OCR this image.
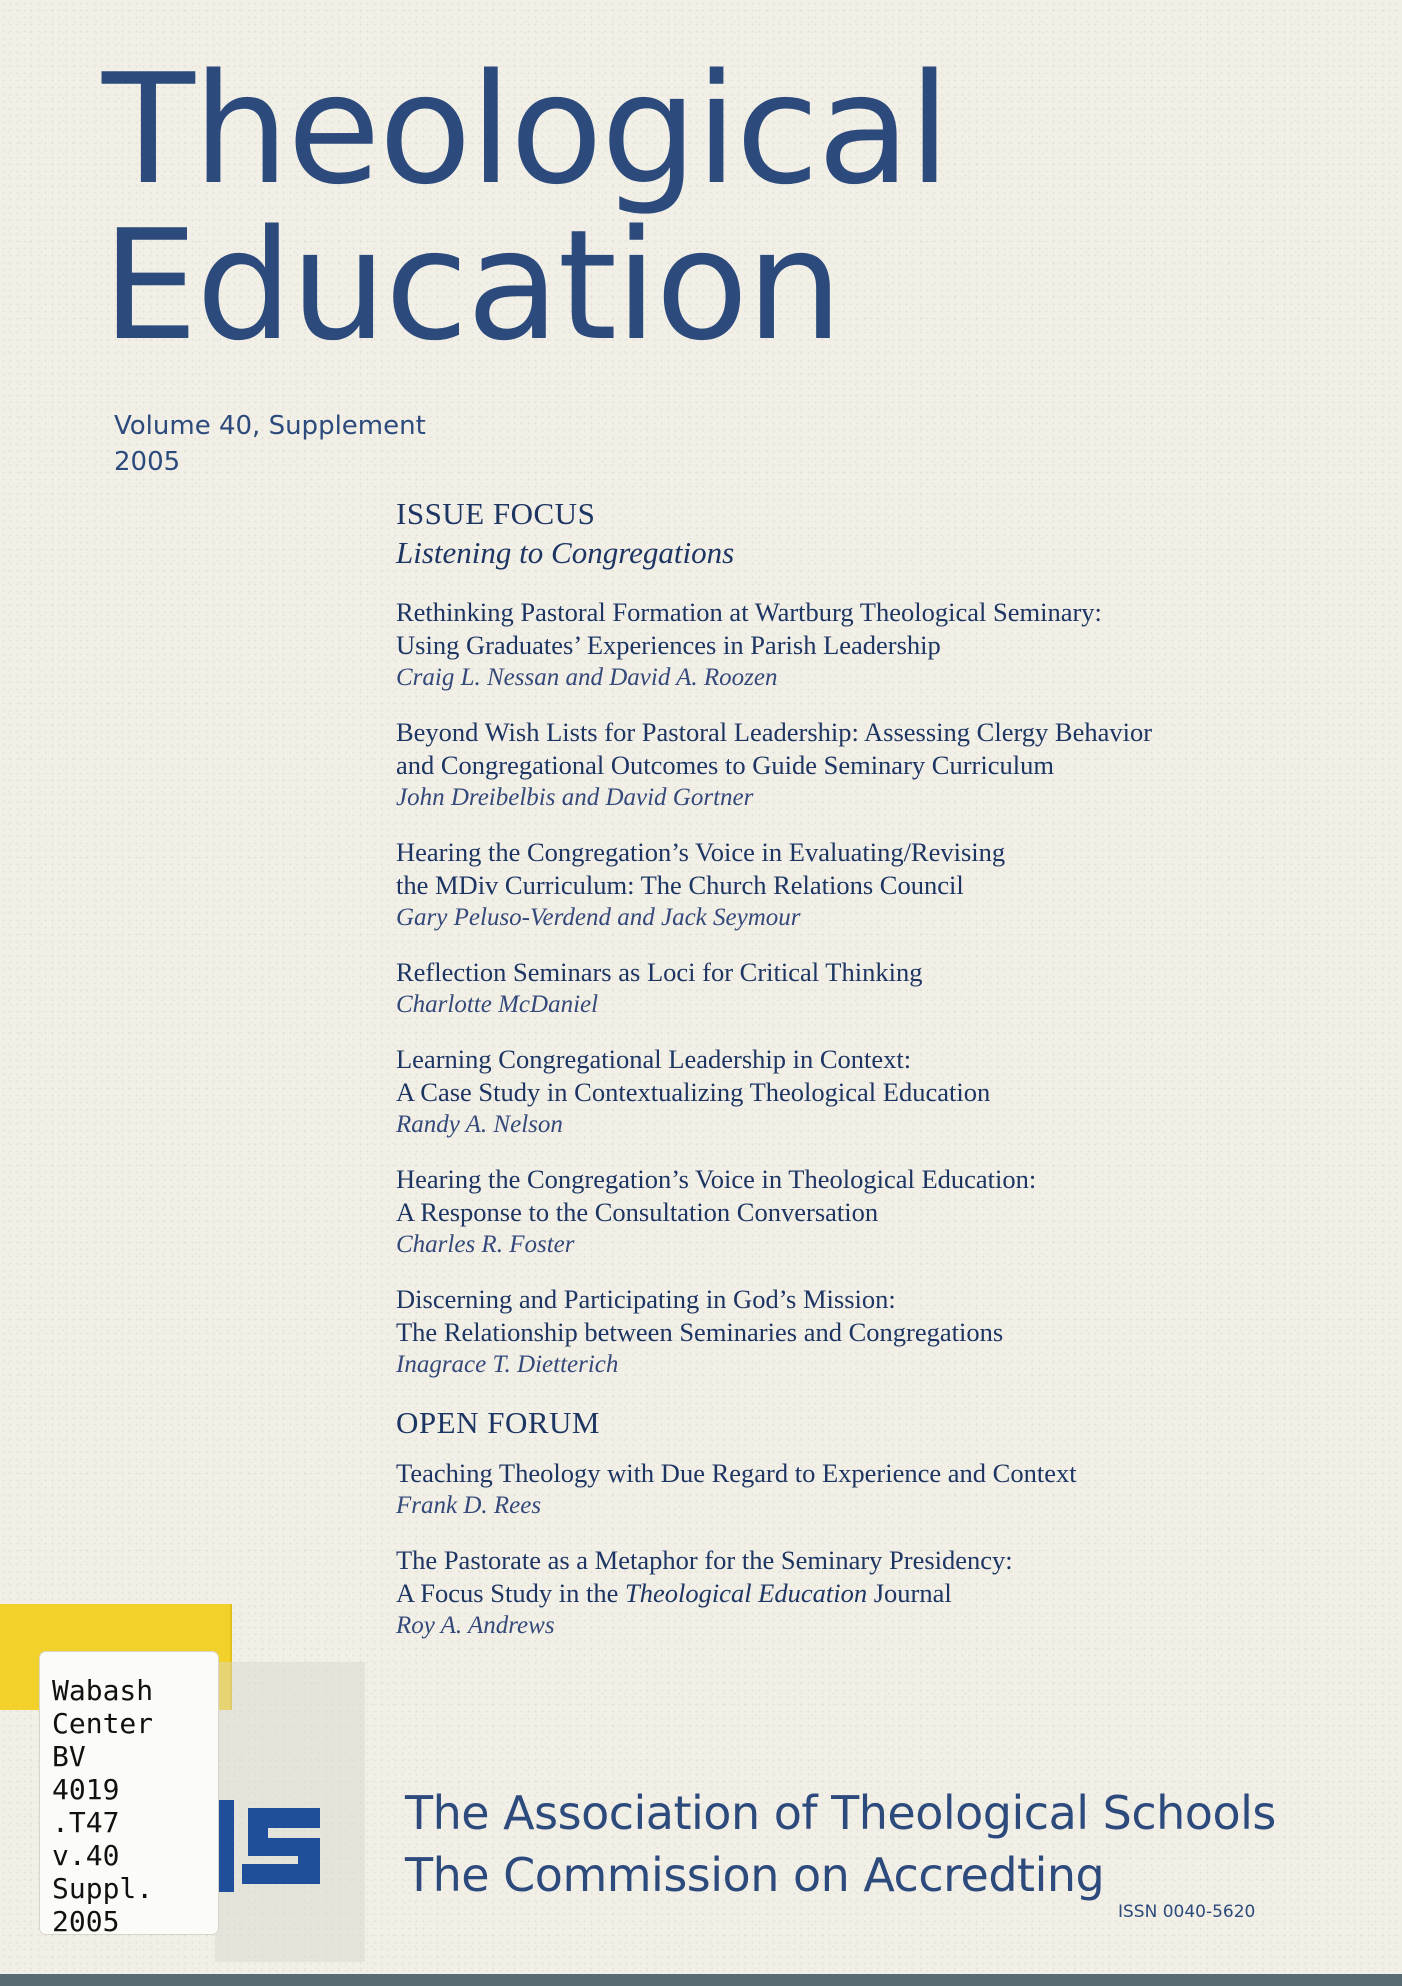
Theological
Education
Volume 40, Supplement
2005
ISSUE FOCUS
Listening to Congregations
Rethinking Pastoral Formation at Wartburg Theological Seminary:
Using Graduates’ Experiences in Parish Leadership
Craig L. Nessan and David A. Roozen
Beyond Wish Lists for Pastoral Leadership: Assessing Clergy Behavior
and Congregational Outcomes to Guide Seminary Curriculum
John Dreibelbis and David Gortner
Hearing the Congregation’s Voice in Evaluating/Revising
the MDiv Curriculum: The Church Relations Council
Gary Peluso-Verdend and Jack Seymour
Reflection Seminars as Loci for Critical Thinking
Charlotte McDaniel
Learning Congregational Leadership in Context:
A Case Study in Contextualizing Theological Education
Randy A. Nelson
Hearing the Congregation’s Voice in Theological Education:
A Response to the Consultation Conversation
Charles R. Foster
Discerning and Participating in God’s Mission:
The Relationship between Seminaries and Congregations
Inagrace T. Dietterich
OPEN FORUM
Teaching Theology with Due Regard to Experience and Context
Frank D. Rees
The Pastorate as a Metaphor for the Seminary Presidency:
A Focus Study in the Theological Education Journal
Roy A. Andrews
Wabash
Center
BV
4019
.T47
v.40
Suppl.
2005
The Association of Theological Schools
The Commission on Accredting
ISSN 0040-5620
